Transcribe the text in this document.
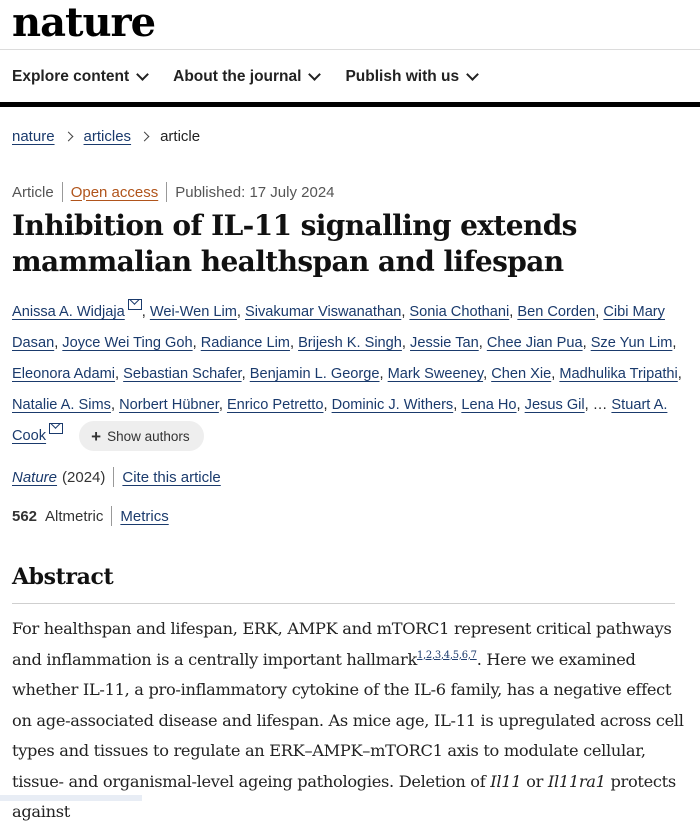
nature
Explore content	About the journal	Publish with us
nature articles article
Article Open access Published: 17 July 2024
Inhibition of IL-11 signalling extends mammalian healthspan and lifespan
Anissa A. Widjaja , Wei-Wen Lim, Sivakumar Viswanathan, Sonia Chothani, Ben Corden, Cibi Mary Dasan, Joyce Wei Ting Goh, Radiance Lim, Brijesh K. Singh, Jessie Tan, Chee Jian Pua, Sze Yun Lim, Eleonora Adami, Sebastian Schafer, Benjamin L. George, Mark Sweeney, Chen Xie, Madhulika Tripathi, Natalie A. Sims, Norbert Hübner, Enrico Petretto, Dominic J. Withers, Lena Ho, Jesus Gil, … Stuart A. Cook	+ Show authors
Nature (2024) Cite this article
562 Altmetric Metrics
Abstract

For healthspan and lifespan, ERK, AMPK and mTORC1 represent critical pathways and inflammation is a centrally important hallmark$^{1,2,3,4,5,6,7}$. Here we examined whether IL-11, a pro-inflammatory cytokine of the IL-6 family, has a negative effect on age-associated disease and lifespan. As mice age, IL-11 is upregulated across cell types and tissues to regulate an ERK–AMPK–mTORC1 axis to modulate cellular, tissue- and organismal-level ageing pathologies. Deletion of Il11 or Il11ra1 protects against
